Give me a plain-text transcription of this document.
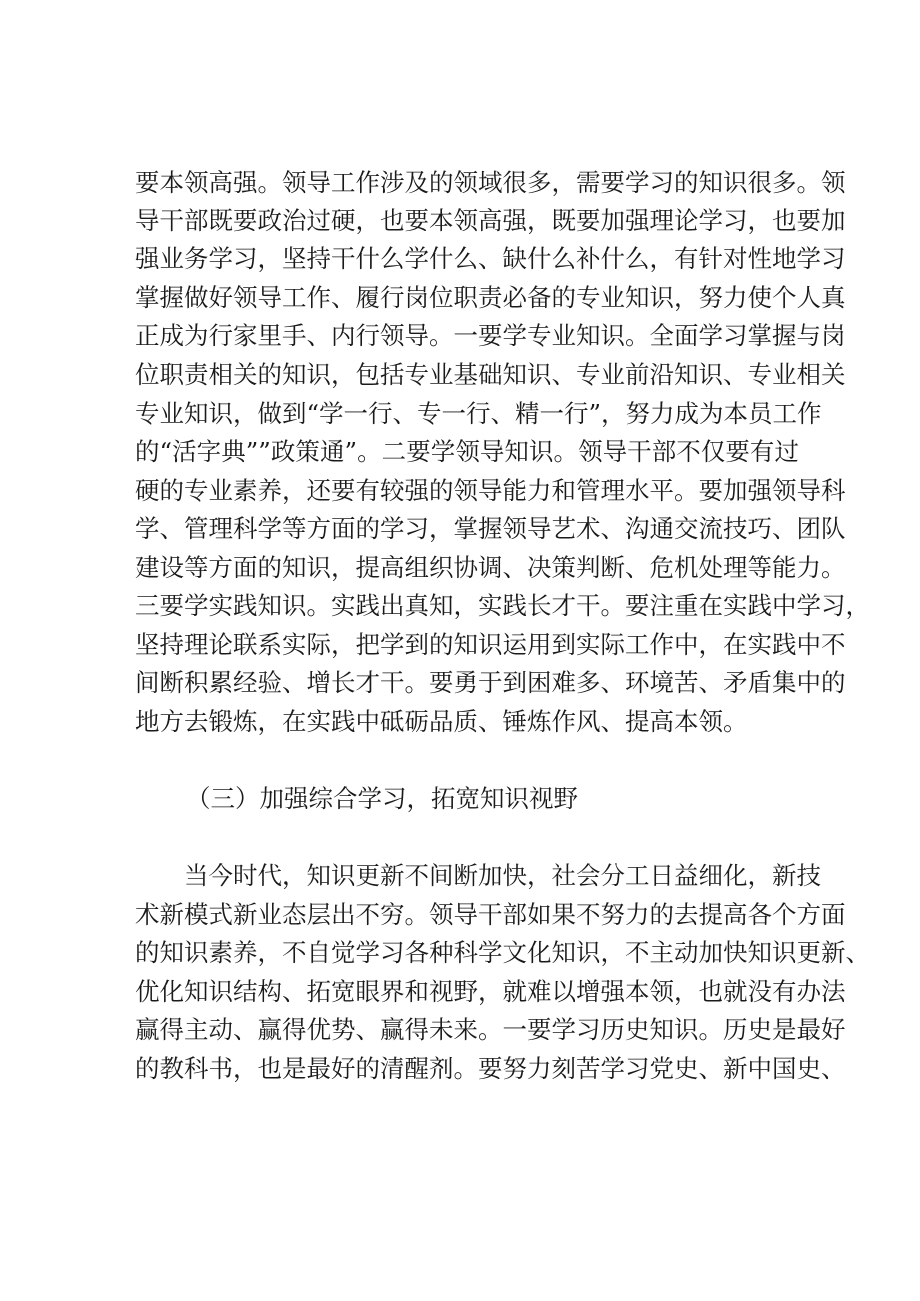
要本领高强。领导工作涉及的领域很多，需要学习的知识很多。领
导干部既要政治过硬，也要本领高强，既要加强理论学习，也要加
强业务学习，坚持干什么学什么、缺什么补什么，有针对性地学习
掌握做好领导工作、履行岗位职责必备的专业知识，努力使个人真
正成为行家里手、内行领导。一要学专业知识。全面学习掌握与岗
位职责相关的知识，包括专业基础知识、专业前沿知识、专业相关
专业知识，做到“学一行、专一行、精一行”，努力成为本员工作
的“活字典””政策通”。二要学领导知识。领导干部不仅要有过
硬的专业素养，还要有较强的领导能力和管理水平。要加强领导科
学、管理科学等方面的学习，掌握领导艺术、沟通交流技巧、团队
建设等方面的知识，提高组织协调、决策判断、危机处理等能力。
三要学实践知识。实践出真知，实践长才干。要注重在实践中学习，
坚持理论联系实际，把学到的知识运用到实际工作中，在实践中不
间断积累经验、增长才干。要勇于到困难多、环境苦、矛盾集中的
地方去锻炼，在实践中砥砺品质、锤炼作风、提高本领。
（三）加强综合学习，拓宽知识视野
　　当今时代，知识更新不间断加快，社会分工日益细化，新技
术新模式新业态层出不穷。领导干部如果不努力的去提高各个方面
的知识素养，不自觉学习各种科学文化知识，不主动加快知识更新、
优化知识结构、拓宽眼界和视野，就难以增强本领，也就没有办法
赢得主动、赢得优势、赢得未来。一要学习历史知识。历史是最好
的教科书，也是最好的清醒剂。要努力刻苦学习党史、新中国史、
